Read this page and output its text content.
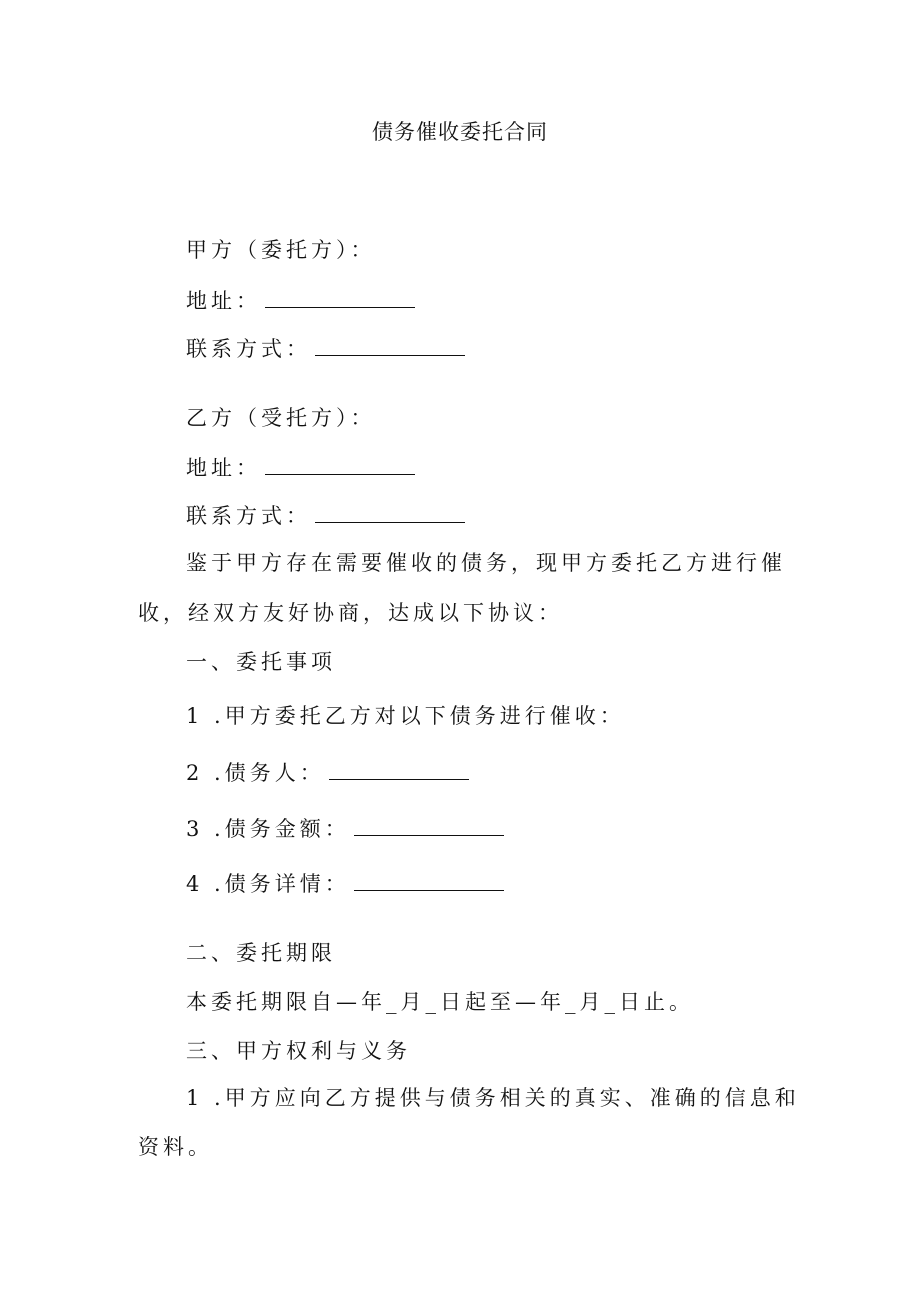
债务催收委托合同
甲方（委托方）：
地址：
联系方式：
乙方（受托方）：
地址：
联系方式：
鉴于甲方存在需要催收的债务，现甲方委托乙方进行催
收，经双方友好协商，达成以下协议：
一、委托事项
1 .甲方委托乙方对以下债务进行催收：
2 .债务人：
3 .债务金额：
4 .债务详情：
二、委托期限
本委托期限自—年_月_日起至—年_月_日止。
三、甲方权利与义务
1 .甲方应向乙方提供与债务相关的真实、准确的信息和
资料。
